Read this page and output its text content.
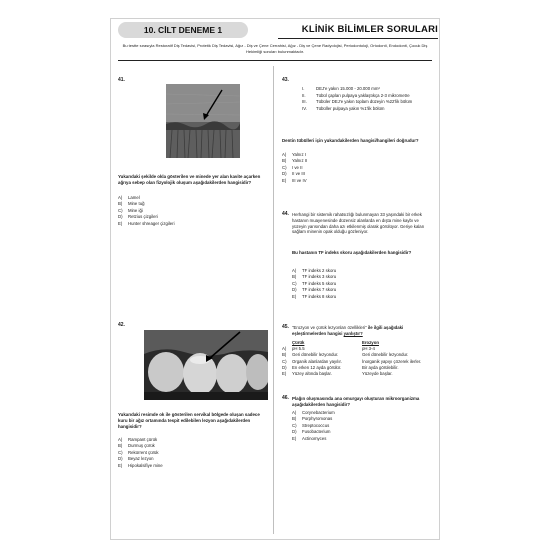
10. CİLT DENEME 1	KLİNİK BİLİMLER SORULARI
Bu testte sırasıyla Restoratif Diş Tedavisi, Protetik Diş Tedavisi, Ağız - Diş ve Çene Cerrahisi, Ağız - Diş ve Çene Radyolojisi, Periodontoloji, Ortodonti, Endodonti, Çocuk Diş Hekimliği soruları bulunmaktadır.
41.
Yukarıdaki şekilde okla gösterilen ve minede yer alan kavite açarken ağrıya sebep olan fizyolojik oluşum aşağıdakilerden hangisidir?
A) Lamel
B) Mine tuğ
C) Mine iği
D) Retzius çizgileri
E) Hunter shreager çizgileri
42.
Yukarıdaki resimde ok ile gösterilen servikal bölgede oluşan sadece kuru bir ağız ortamında tespit edilebilen lezyon aşağıdakilerden hangisidir?
A) Rampant çürük
B) Durmuş çürük
C) Rekürrent çürük
D) Beyaz lezyon
E) Hipokalsifiye mine
43.
I.	DEJ'e yakın 15.000 - 20.000 mm²
II. Tübül çapları pulpaya yaklaştıkça 2-3 mikrometre
III. Tübüler DEJ'e yakın toplam düzeyin %22'lik bölüm
IV. Tübüller pulpaya yakın %1'lik bölüm
Dentin tübülleri için yukarıdakilerden hangisi/hangileri doğrudur?
A) Yalnız I
B) Yalnız II
C) I ve II
D) II ve III
E) III ve IV
44. Herhangi bir sistemik rahatsızlığı bulunmayan 33 yaşındaki bir erkek hastanın muayenesinde düzensiz alanlarda en dışta mine kaybı ve yüzeyin yarısından daha azı etkilenmiş olarak görülüyor. Geriye kalan sağlam minenin opak olduğu gözleniyor.
Bu hastanın TF indeks skoru aşağıdakilerden hangisidir?
A) TF indeks 2 skoru
B) TF indeks 3 skoru
C) TF indeks 5 skoru
D) TF indeks 7 skoru
E) TF indeks 8 skoru
45. "Erozyon ve çürük lezyonları özellikleri" ile ilgili aşağıdaki eşleştirmelerden hangisi yanlıştır?
Çürük	Erozyon
A) pH 5.5	pH 3-4
B) Geri dönebilir lezyondur.	Geri dönebilir lezyondur.
C) Organik alanlardan yayılır.	İnorganik yapıyı çözerek ilerler.
D) En erken 12 ayda görülür.	Bir ayda görülebilir.
E) Yüzey altında başlar.	Yüzeyde başlar.
46. Plağın oluşmasında ana omurgayı oluşturan mikroorganizma aşağıdakilerden hangisidir?
A) Corynebacterium
B) Porphyromonas
C) Streptococcus
D) Fusobacterium
E) Actinomyces
